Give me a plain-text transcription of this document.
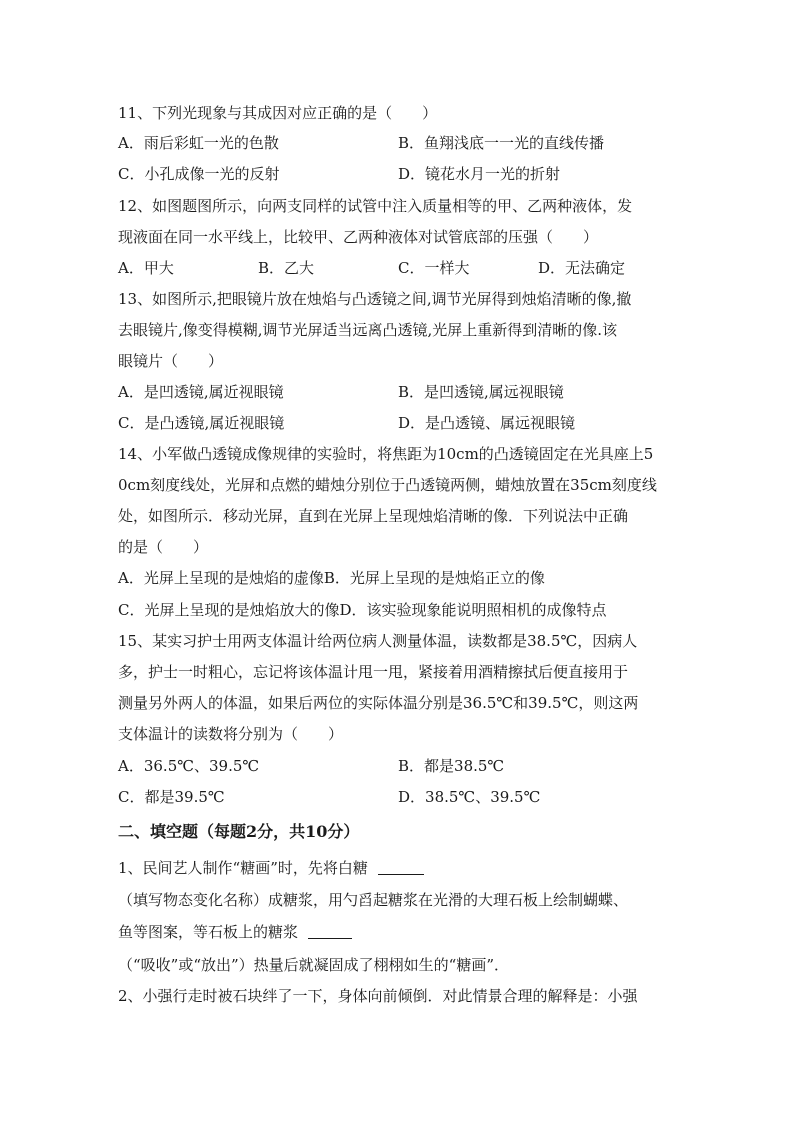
11、下列光现象与其成因对应正确的是（　　）
A．雨后彩虹一光的色散	B．鱼翔浅底一一光的直线传播
C．小孔成像一光的反射	D．镜花水月一光的折射
12、如图题图所示，向两支同样的试管中注入质量相等的甲、乙两种液体，发
现液面在同一水平线上，比较甲、乙两种液体对试管底部的压强（　　）
A．甲大	B．乙大	C．一样大	D．无法确定
13、如图所示,把眼镜片放在烛焰与凸透镜之间,调节光屏得到烛焰清晰的像,撤
去眼镜片,像变得模糊,调节光屏适当远离凸透镜,光屏上重新得到清晰的像.该
眼镜片（　　）
A．是凹透镜,属近视眼镜	B．是凹透镜,属远视眼镜
C．是凸透镜,属近视眼镜	D．是凸透镜、属远视眼镜
14、小军做凸透镜成像规律的实验时，将焦距为10cm的凸透镜固定在光具座上5
0cm刻度线处，光屏和点燃的蜡烛分别位于凸透镜两侧，蜡烛放置在35cm刻度线
处，如图所示．移动光屏，直到在光屏上呈现烛焰清晰的像．下列说法中正确
的是（　　）
A．光屏上呈现的是烛焰的虚像B．光屏上呈现的是烛焰正立的像
C．光屏上呈现的是烛焰放大的像D．该实验现象能说明照相机的成像特点
15、某实习护士用两支体温计给两位病人测量体温，读数都是38.5℃，因病人
多，护士一时粗心，忘记将该体温计甩一甩，紧接着用酒精擦拭后便直接用于
测量另外两人的体温，如果后两位的实际体温分别是36.5℃和39.5℃，则这两
支体温计的读数将分别为（　　）
A．36.5℃、39.5℃	B．都是38.5℃
C．都是39.5℃	D．38.5℃、39.5℃
二、填空题（每题2分，共10分）
1、民间艺人制作“糖画”时，先将白糖
（填写物态变化名称）成糖浆，用勺舀起糖浆在光滑的大理石板上绘制蝴蝶、
鱼等图案，等石板上的糖浆
（“吸收”或“放出”）热量后就凝固成了栩栩如生的“糖画”．
2、小强行走时被石块绊了一下，身体向前倾倒．对此情景合理的解释是：小强
